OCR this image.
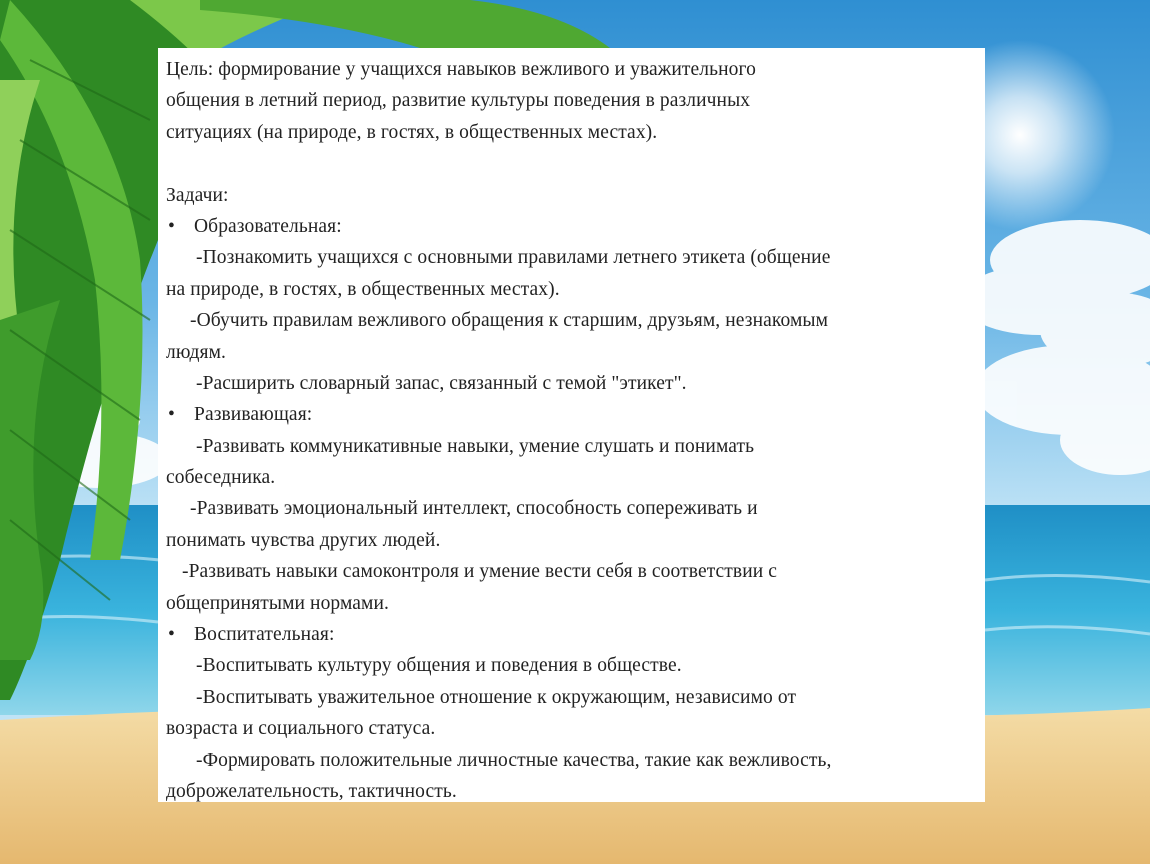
Цель: формирование у учащихся навыков вежливого и уважительного
общения в летний период, развитие культуры поведения в различных
ситуациях (на природе, в гостях, в общественных местах).
Задачи:
• Образовательная:
-Познакомить учащихся с основными правилами летнего этикета (общение
на природе, в гостях, в общественных местах).
-Обучить правилам вежливого обращения к старшим, друзьям, незнакомым
людям.
-Расширить словарный запас, связанный с темой "этикет".
• Развивающая:
-Развивать коммуникативные навыки, умение слушать и понимать
собеседника.
-Развивать эмоциональный интеллект, способность сопереживать и
понимать чувства других людей.
-Развивать навыки самоконтроля и умение вести себя в соответствии с
общепринятыми нормами.
• Воспитательная:
-Воспитывать культуру общения и поведения в обществе.
-Воспитывать уважительное отношение к окружающим, независимо от
возраста и социального статуса.
-Формировать положительные личностные качества, такие как вежливость,
доброжелательность, тактичность.
